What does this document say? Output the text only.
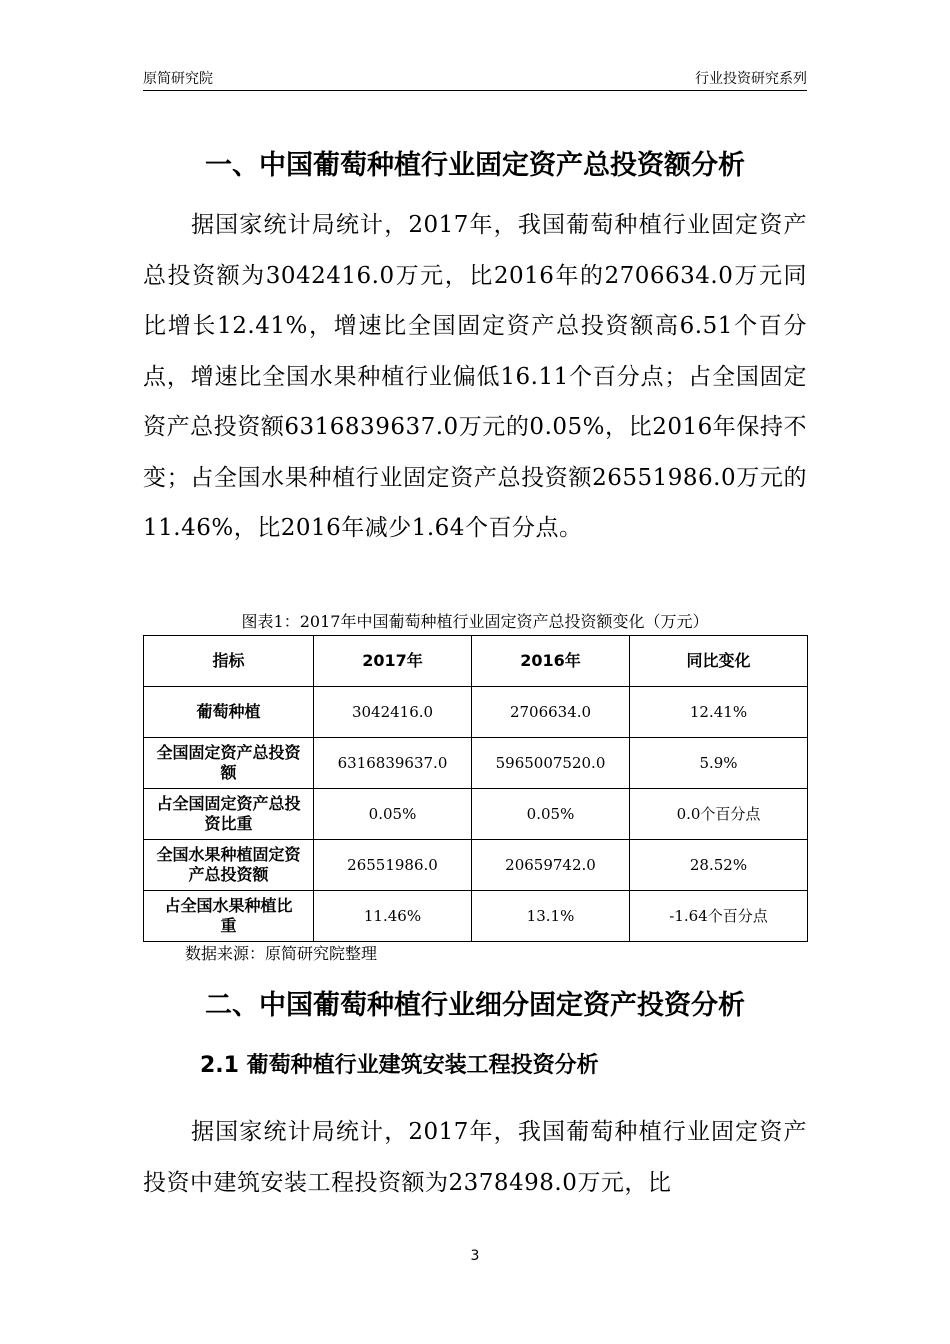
原简研究院	行业投资研究系列
一、中国葡萄种植行业固定资产总投资额分析

据国家统计局统计，2017年，我国葡萄种植行业固定资产总投资额为3042416.0万元，比2016年的2706634.0万元同比增长12.41%，增速比全国固定资产总投资额高6.51个百分点，增速比全国水果种植行业偏低16.11个百分点；占全国固定资产总投资额6316839637.0万元的0.05%，比2016年保持不变；占全国水果种植行业固定资产总投资额26551986.0万元的11.46%，比2016年减少1.64个百分点。

图表1：2017年中国葡萄种植行业固定资产总投资额变化（万元）
指标	2017年	2016年	同比变化
葡萄种植	3042416.0	2706634.0	12.41%
全国固定资产总投资额	6316839637.0	5965007520.0	5.9%
占全国固定资产总投资比重	0.05%	0.05%	0.0个百分点
全国水果种植固定资产总投资额	26551986.0	20659742.0	28.52%
占全国水果种植比重	11.46%	13.1%	-1.64个百分点
数据来源：原简研究院整理
二、中国葡萄种植行业细分固定资产投资分析
2.1 葡萄种植行业建筑安装工程投资分析

据国家统计局统计，2017年，我国葡萄种植行业固定资产投资中建筑安装工程投资额为2378498.0万元，比

3
